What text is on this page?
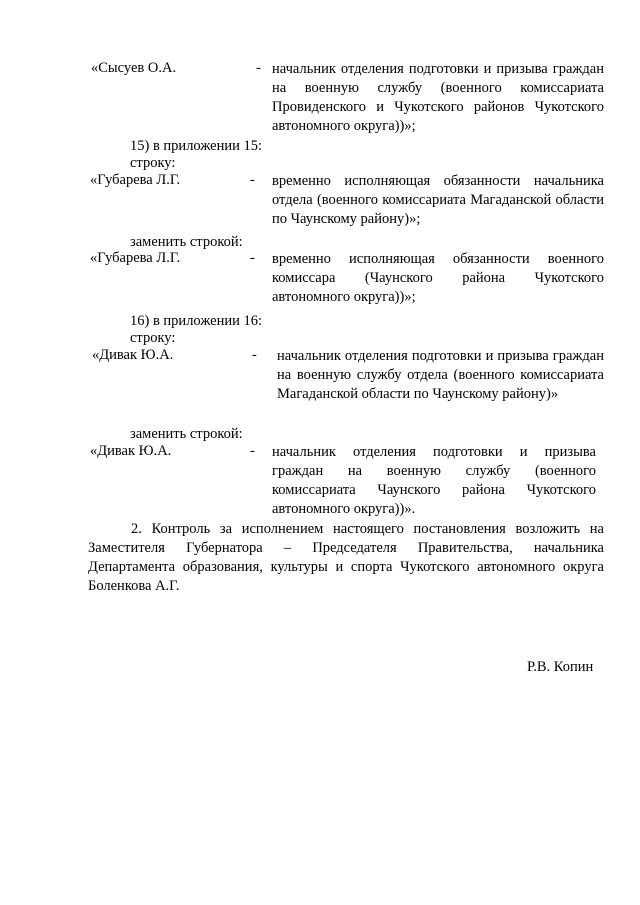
«Сысуев О.А.	- начальник отделения подготовки и призыва граждан на военную службу (военного комиссариата Провиденского и Чукотского районов Чукотского автономного округа))»;
15) в приложении 15:
строку:
«Губарева Л.Г.	- временно исполняющая обязанности начальника отдела (военного комиссариата Магаданской области по Чаунскому району)»;
заменить строкой:
«Губарева Л.Г.	- временно исполняющая обязанности военного комиссара (Чаунского района Чукотского автономного округа))»;
16) в приложении 16:
строку:
«Дивак Ю.А.	- начальник отделения подготовки и призыва граждан на военную службу отдела (военного комиссариата Магаданской области по Чаунскому району)»
заменить строкой:
«Дивак Ю.А.	- начальник отделения подготовки и призыва граждан на военную службу (военного комиссариата Чаунского района Чукотского автономного округа))».
2. Контроль за исполнением настоящего постановления возложить на Заместителя Губернатора – Председателя Правительства, начальника Департамента образования, культуры и спорта Чукотского автономного округа Боленкова А.Г.
Р.В. Копин
